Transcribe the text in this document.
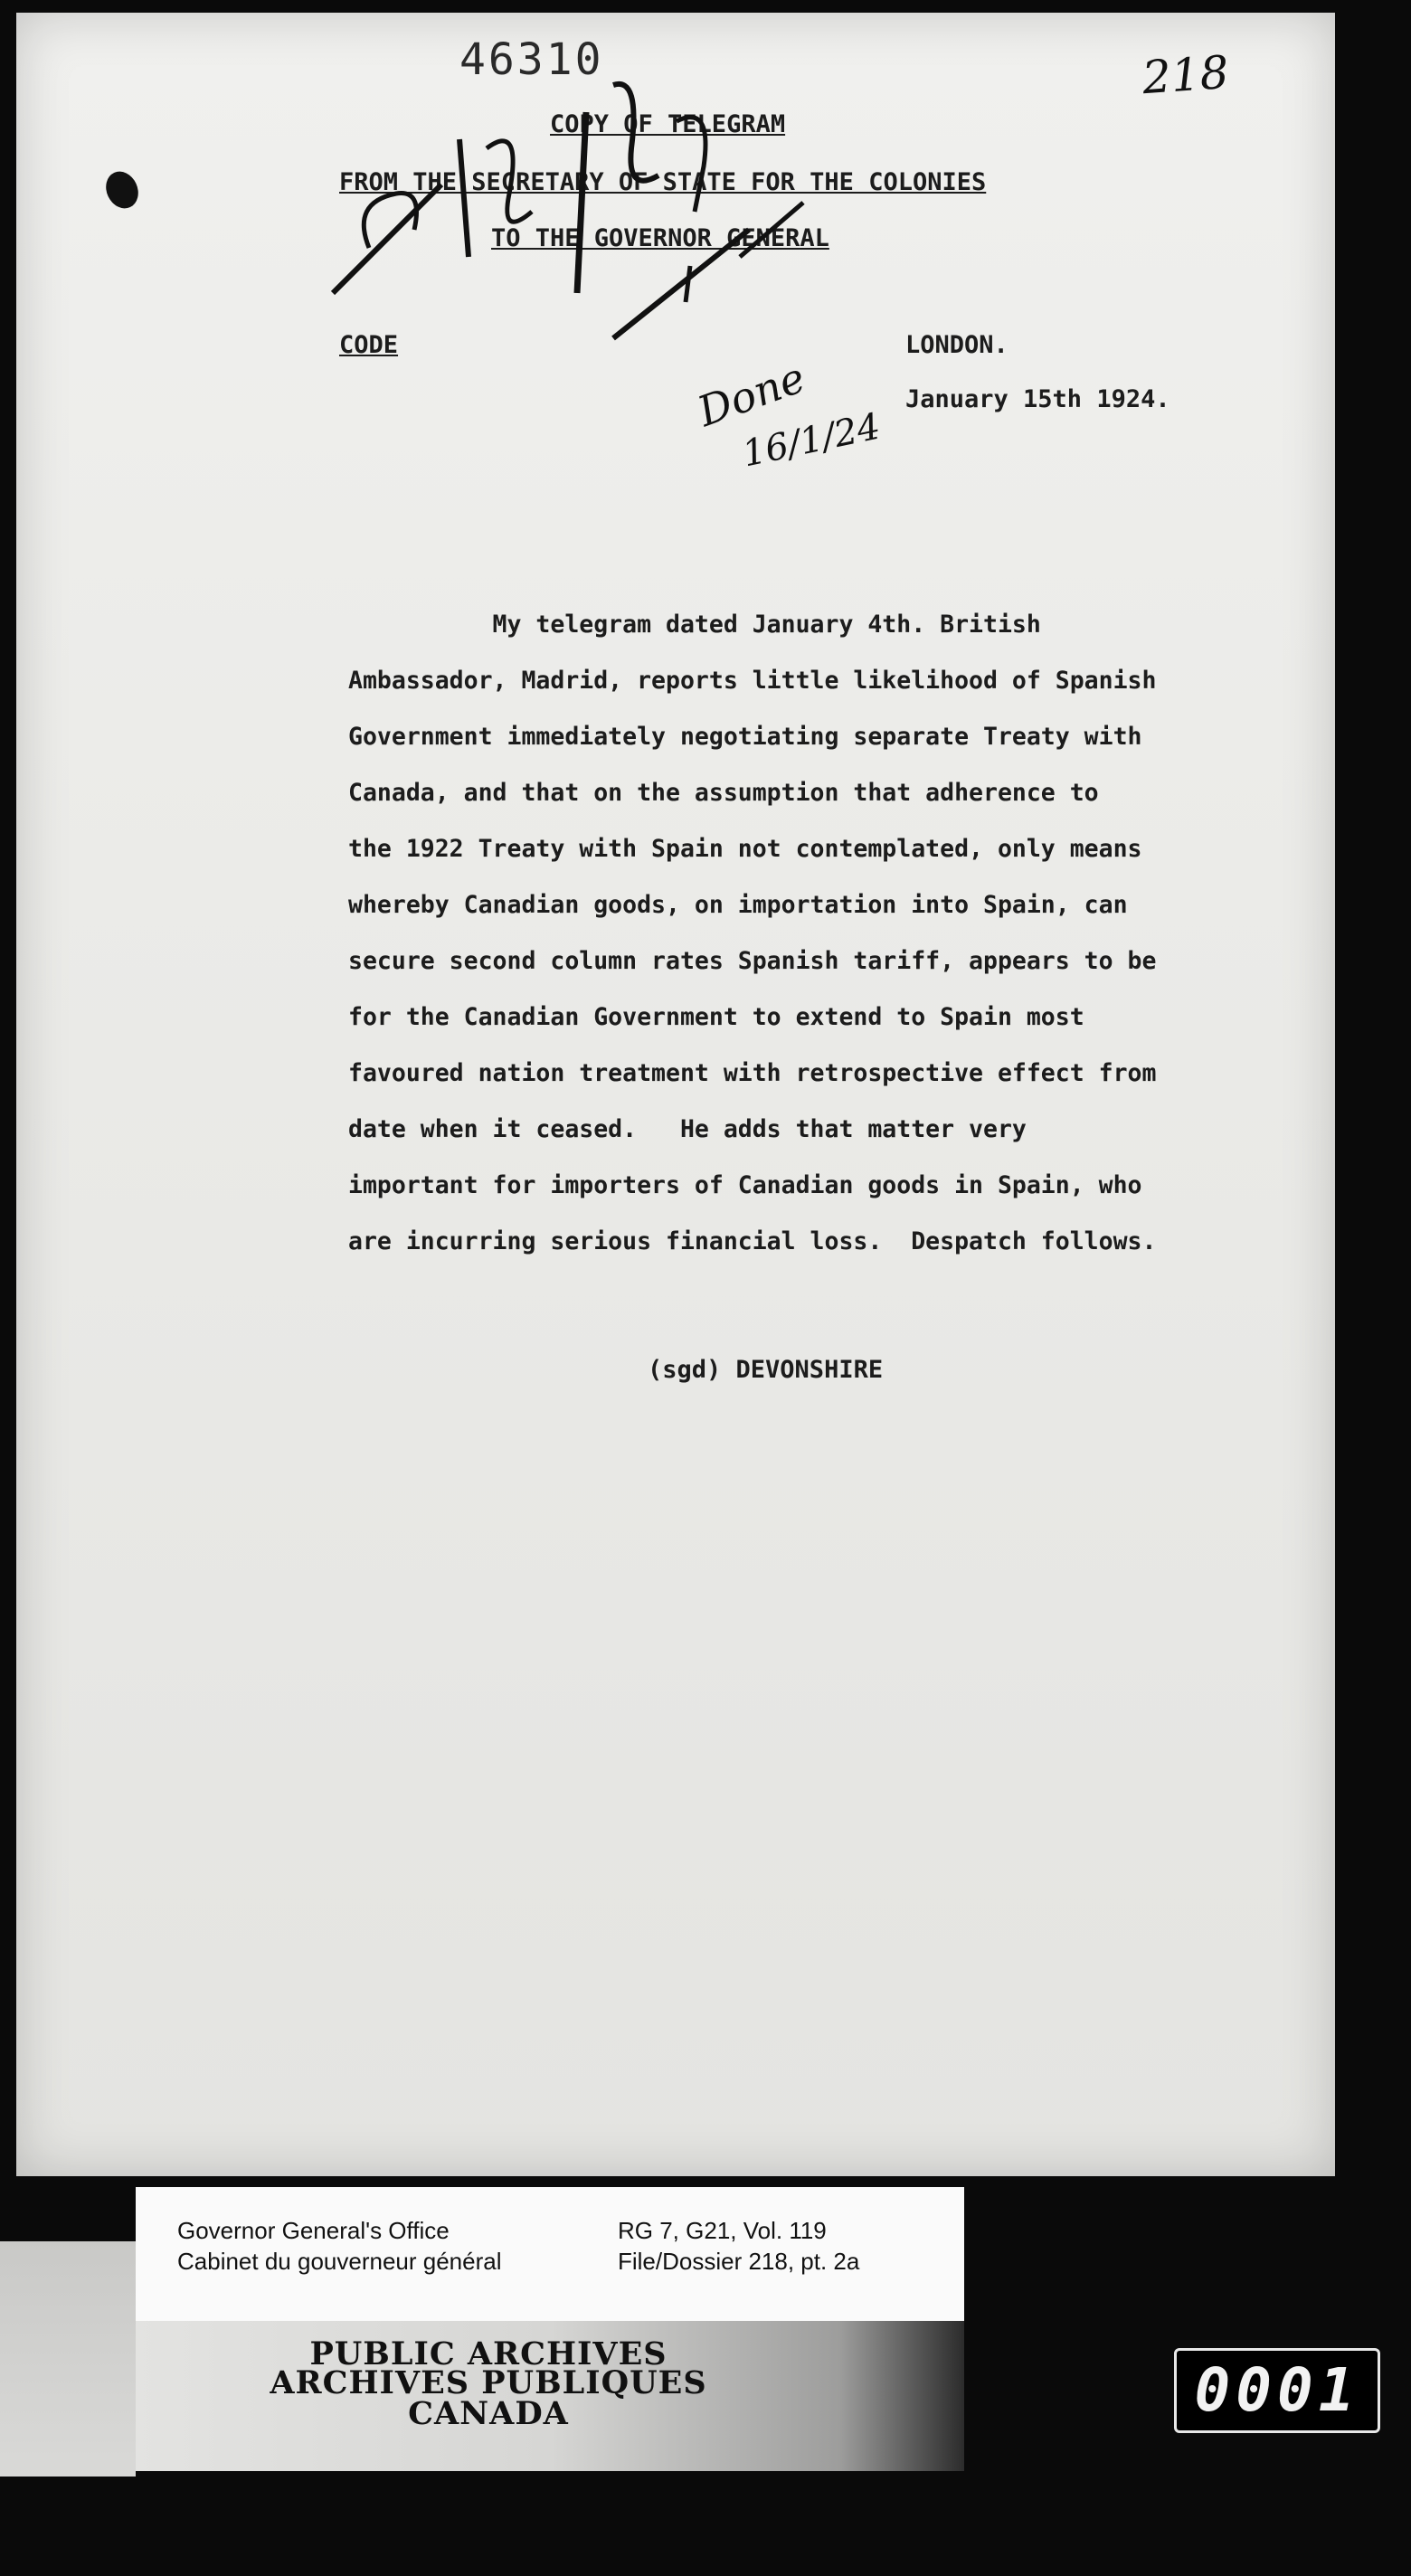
46310	218
COPY OF TELEGRAM
FROM THE SECRETARY OF STATE FOR THE COLONIES
TO THE GOVERNOR GENERAL
CODE	LONDON.
January 15th 1924.
Done
16/1/24
My telegram dated January 4th. British
Ambassador, Madrid, reports little likelihood of Spanish
Government immediately negotiating separate Treaty with
Canada, and that on the assumption that adherence to
the 1922 Treaty with Spain not contemplated, only means
whereby Canadian goods, on importation into Spain, can
secure second column rates Spanish tariff, appears to be
for the Canadian Government to extend to Spain most
favoured nation treatment with retrospective effect from
date when it ceased.   He adds that matter very
important for importers of Canadian goods in Spain, who
are incurring serious financial loss.  Despatch follows.
(sgd) DEVONSHIRE
Governor General's Office
Cabinet du gouverneur général
RG 7, G21, Vol. 119
File/Dossier 218, pt. 2a
PUBLIC ARCHIVES
ARCHIVES PUBLIQUES
CANADA	0001
